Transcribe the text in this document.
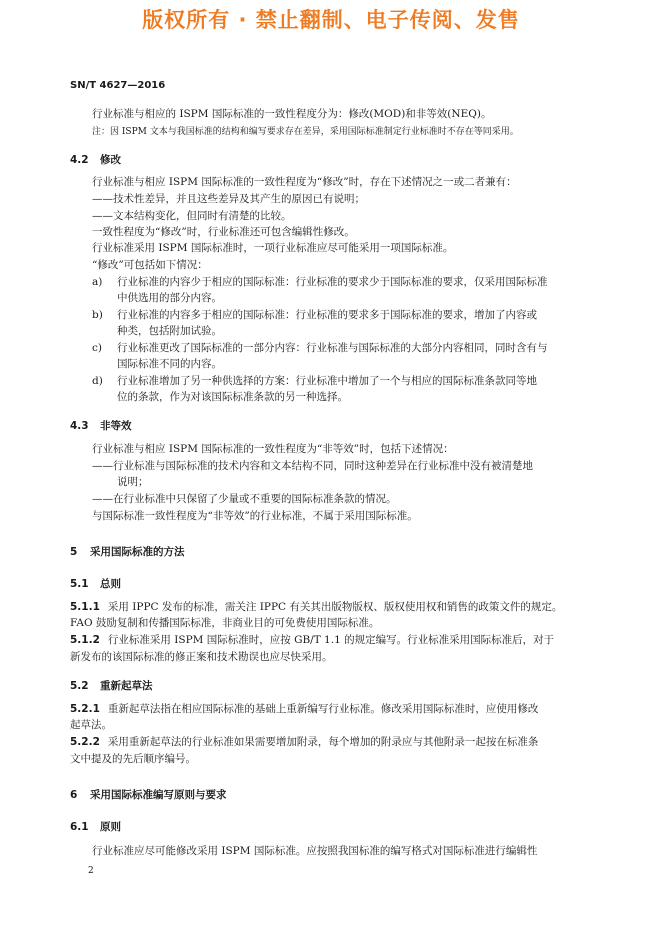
版权所有 · 禁止翻制、电子传阅、发售
SN/T 4627—2016
行业标准与相应的 ISPM 国际标准的一致性程度分为：修改(MOD)和非等效(NEQ)。
注：因 ISPM 文本与我国标准的结构和编写要求存在差异，采用国际标准制定行业标准时不存在等同采用。
4.2 修改
行业标准与相应 ISPM 国际标准的一致性程度为“修改”时，存在下述情况之一或二者兼有：
——技术性差异，并且这些差异及其产生的原因已有说明；
——文本结构变化，但同时有清楚的比较。
一致性程度为“修改”时，行业标准还可包含编辑性修改。
行业标准采用 ISPM 国际标准时，一项行业标准应尽可能采用一项国际标准。
“修改”可包括如下情况：
a) 行业标准的内容少于相应的国际标准：行业标准的要求少于国际标准的要求，仅采用国际标准
中供选用的部分内容。
b) 行业标准的内容多于相应的国际标准：行业标准的要求多于国际标准的要求，增加了内容或
种类，包括附加试验。
c) 行业标准更改了国际标准的一部分内容：行业标准与国际标准的大部分内容相同，同时含有与
国际标准不同的内容。
d) 行业标准增加了另一种供选择的方案：行业标准中增加了一个与相应的国际标准条款同等地
位的条款，作为对该国际标准条款的另一种选择。
4.3 非等效
行业标准与相应 ISPM 国际标准的一致性程度为“非等效”时，包括下述情况：
——行业标准与国际标准的技术内容和文本结构不同，同时这种差异在行业标准中没有被清楚地
说明；
——在行业标准中只保留了少量或不重要的国际标准条款的情况。
与国际标准一致性程度为“非等效”的行业标准，不属于采用国际标准。
5 采用国际标准的方法
5.1 总则
5.1.1 采用 IPPC 发布的标准，需关注 IPPC 有关其出版物版权、版权使用权和销售的政策文件的规定。
FAO 鼓励复制和传播国际标准，非商业目的可免费使用国际标准。
5.1.2 行业标准采用 ISPM 国际标准时，应按 GB/T 1.1 的规定编写。行业标准采用国际标准后，对于
新发布的该国际标准的修正案和技术勘误也应尽快采用。
5.2 重新起草法
5.2.1 重新起草法指在相应国际标准的基础上重新编写行业标准。修改采用国际标准时，应使用修改
起草法。
5.2.2 采用重新起草法的行业标准如果需要增加附录，每个增加的附录应与其他附录一起按在标准条
文中提及的先后顺序编号。
6 采用国际标准编写原则与要求
6.1 原则
行业标准应尽可能修改采用 ISPM 国际标准。应按照我国标准的编写格式对国际标准进行编辑性
2
